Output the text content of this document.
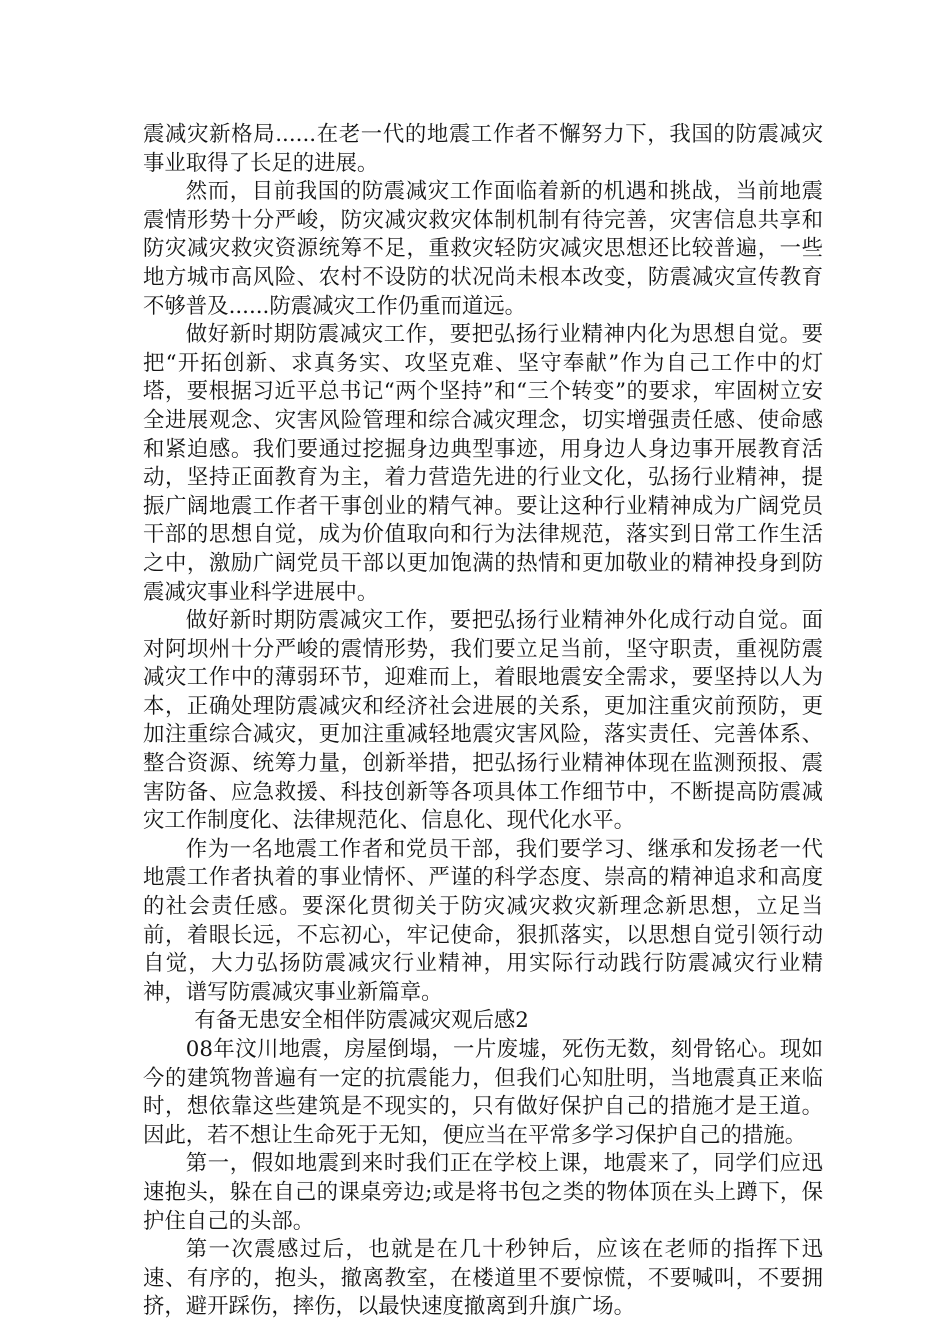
震减灾新格局......在老一代的地震工作者不懈努力下，我国的防震减灾事业取得了长足的进展。

然而，目前我国的防震减灾工作面临着新的机遇和挑战，当前地震震情形势十分严峻，防灾减灾救灾体制机制有待完善，灾害信息共享和防灾减灾救灾资源统筹不足，重救灾轻防灾减灾思想还比较普遍，一些地方城市高风险、农村不设防的状况尚未根本改变，防震减灾宣传教育不够普及......防震减灾工作仍重而道远。

做好新时期防震减灾工作，要把弘扬行业精神内化为思想自觉。要把“开拓创新、求真务实、攻坚克难、坚守奉献”作为自己工作中的灯塔，要根据习近平总书记“两个坚持”和“三个转变”的要求，牢固树立安全进展观念、灾害风险管理和综合减灾理念，切实增强责任感、使命感和紧迫感。我们要通过挖掘身边典型事迹，用身边人身边事开展教育活动，坚持正面教育为主，着力营造先进的行业文化，弘扬行业精神，提振广阔地震工作者干事创业的精气神。要让这种行业精神成为广阔党员干部的思想自觉，成为价值取向和行为法律规范，落实到日常工作生活之中，激励广阔党员干部以更加饱满的热情和更加敬业的精神投身到防震减灾事业科学进展中。

做好新时期防震减灾工作，要把弘扬行业精神外化成行动自觉。面对阿坝州十分严峻的震情形势，我们要立足当前，坚守职责，重视防震减灾工作中的薄弱环节，迎难而上，着眼地震安全需求，要坚持以人为本，正确处理防震减灾和经济社会进展的关系，更加注重灾前预防，更加注重综合减灾，更加注重减轻地震灾害风险，落实责任、完善体系、整合资源、统筹力量，创新举措，把弘扬行业精神体现在监测预报、震害防备、应急救援、科技创新等各项具体工作细节中，不断提高防震减灾工作制度化、法律规范化、信息化、现代化水平。

作为一名地震工作者和党员干部，我们要学习、继承和发扬老一代地震工作者执着的事业情怀、严谨的科学态度、崇高的精神追求和高度的社会责任感。要深化贯彻关于防灾减灾救灾新理念新思想，立足当前，着眼长远，不忘初心，牢记使命，狠抓落实，以思想自觉引领行动自觉，大力弘扬防震减灾行业精神，用实际行动践行防震减灾行业精神，谱写防震减灾事业新篇章。

有备无患安全相伴防震减灾观后感2

08年汶川地震，房屋倒塌，一片废墟，死伤无数，刻骨铭心。现如今的建筑物普遍有一定的抗震能力，但我们心知肚明，当地震真正来临时，想依靠这些建筑是不现实的，只有做好保护自己的措施才是王道。因此，若不想让生命死于无知，便应当在平常多学习保护自己的措施。

第一，假如地震到来时我们正在学校上课，地震来了，同学们应迅速抱头，躲在自己的课桌旁边;或是将书包之类的物体顶在头上蹲下，保护住自己的头部。

第一次震感过后，也就是在几十秒钟后，应该在老师的指挥下迅速、有序的，抱头，撤离教室，在楼道里不要惊慌，不要喊叫，不要拥挤，避开踩伤，摔伤，以最快速度撤离到升旗广场。
